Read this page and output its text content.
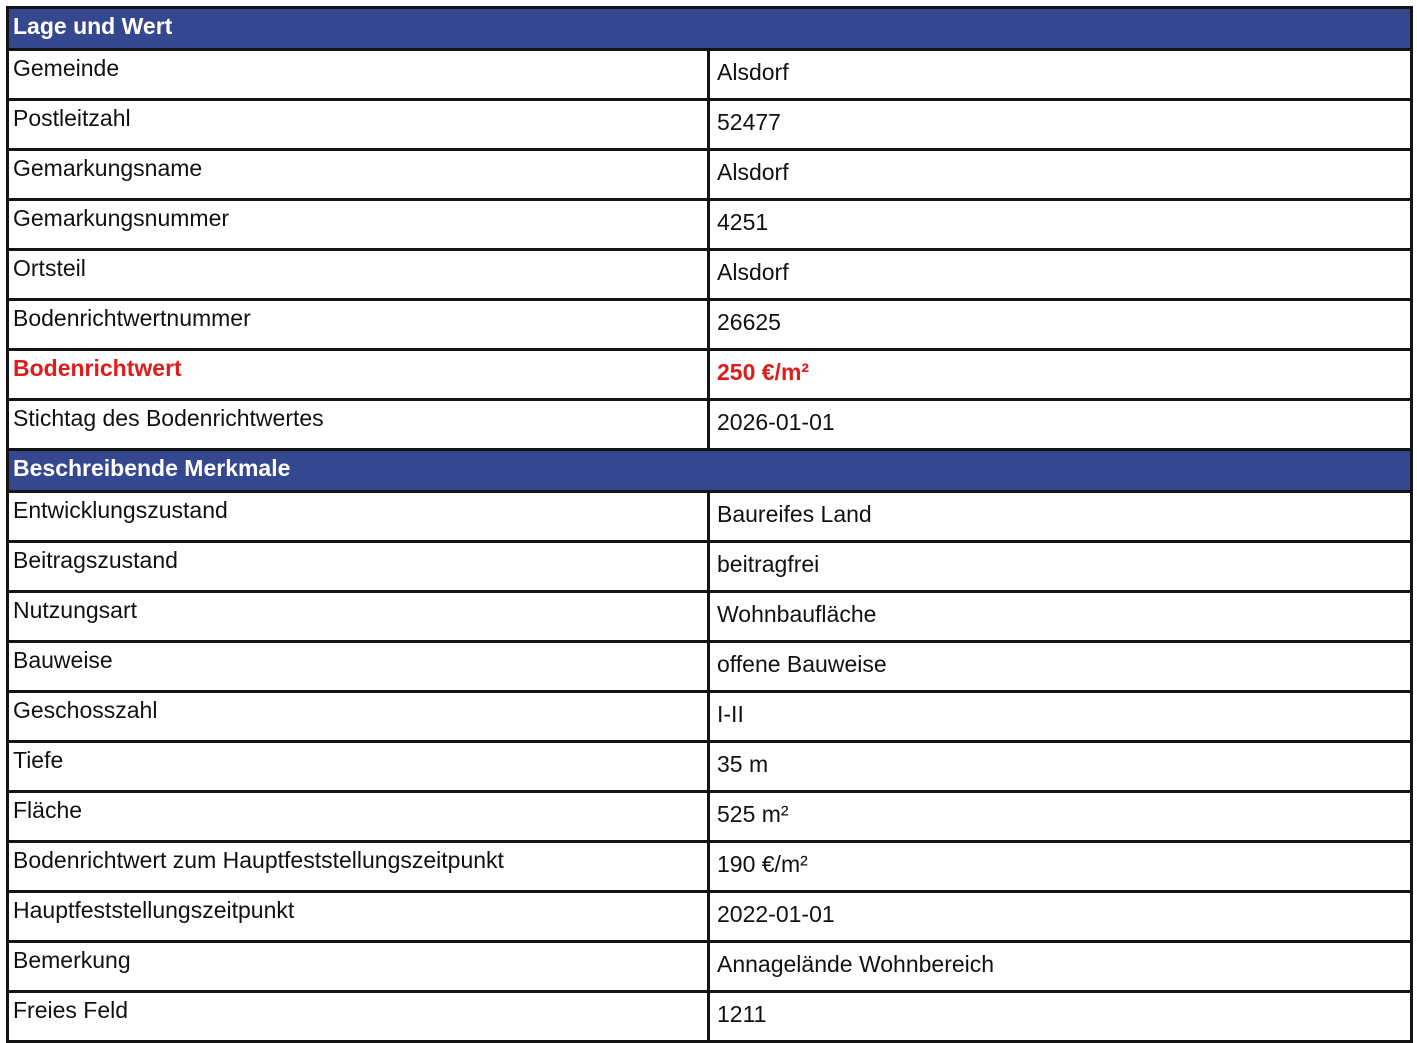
Lage und Wert	
Gemeinde	Alsdorf
Postleitzahl	52477
Gemarkungsname	Alsdorf
Gemarkungsnummer	4251
Ortsteil	Alsdorf
Bodenrichtwertnummer	26625
Bodenrichtwert	250 €/m²
Stichtag des Bodenrichtwertes	2026-01-01
Beschreibende Merkmale	
Entwicklungszustand	Baureifes Land
Beitragszustand	beitragfrei
Nutzungsart	Wohnbaufläche
Bauweise	offene Bauweise
Geschosszahl	I-II
Tiefe	35 m
Fläche	525 m²
Bodenrichtwert zum Hauptfeststellungszeitpunkt	190 €/m²
Hauptfeststellungszeitpunkt	2022-01-01
Bemerkung	Annagelände Wohnbereich
Freies Feld	1211
